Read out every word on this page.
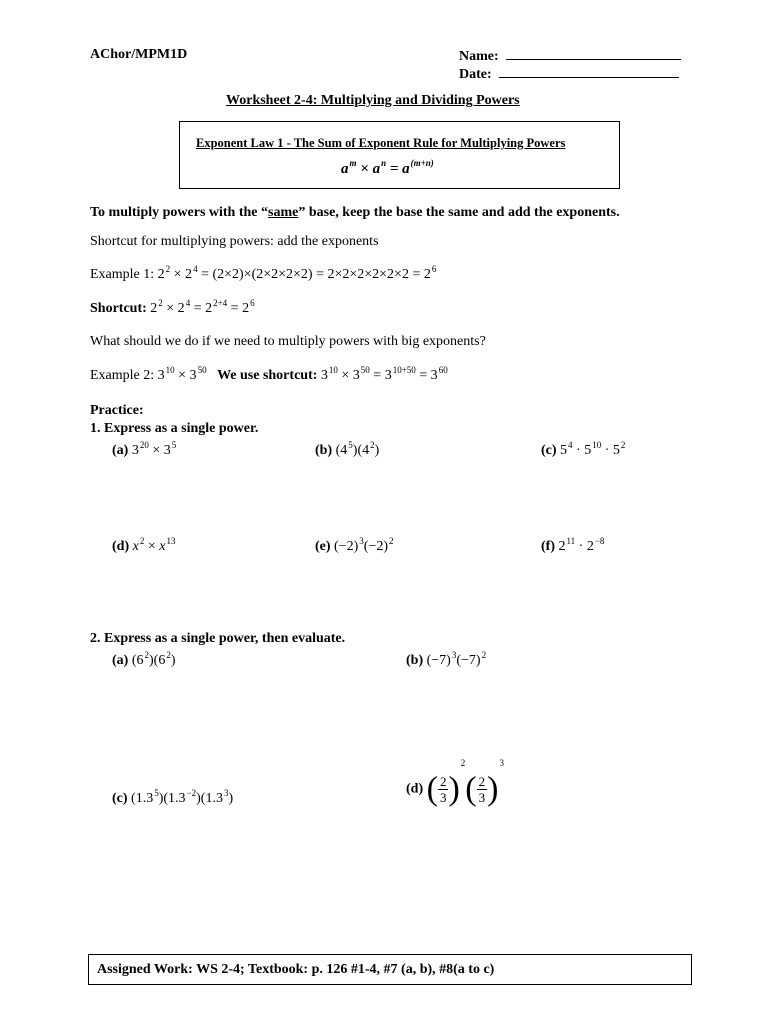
AChor/MPM1D	Name:
Date:
Worksheet 2-4: Multiplying and Dividing Powers
Exponent Law 1 - The Sum of Exponent Rule for Multiplying Powers
$a^m \times a^n = a^{(m+n)}$
To multiply powers with the “same” base, keep the base the same and add the exponents.
Shortcut for multiplying powers: add the exponents
Example 1: $2^2 \times 2^4 = (2\times 2)\times(2\times 2\times 2\times 2) = 2\times 2\times 2\times 2\times 2\times 2 = 2^6$
Shortcut: $2^2 \times 2^4 = 2^{2+4} = 2^6$
What should we do if we need to multiply powers with big exponents?
Example 2: $3^{10} \times 3^{50}$ We use shortcut: $3^{10} \times 3^{50} = 3^{10+50} = 3^{60}$
Practice:
1. Express as a single power.
(a) $3^{20} \times 3^5$	(b) $(4^5)(4^2)$	(c) $5^4 \cdot 5^{10} \cdot 5^2$
(d) $x^2 \times x^{13}$	(e) $(-2)^3(-2)^2$	(f) $2^{11} \cdot 2^{-8}$
2. Express as a single power, then evaluate.
(a) $(6^2)(6^2)$	(b) $(-7)^3(-7)^2$
(c) $(1.3^5)(1.3^{-2})(1.3^3)$
(d) ( $\frac{2}{3} )^2( \frac{2}{3} )^3$
Assigned Work: WS 2-4; Textbook: p. 126 #1-4, #7 (a, b), #8(a to c)
